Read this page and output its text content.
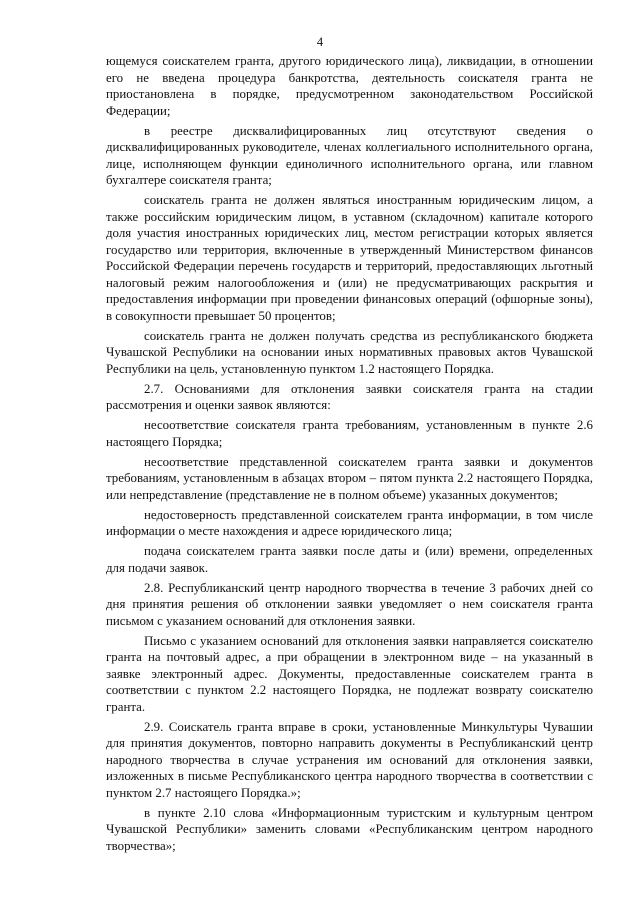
4

ющемуся соискателем гранта, другого юридического лица), ликвидации, в отношении его не введена процедура банкротства, деятельность соискателя гранта не приостановлена в порядке, предусмотренном законодательством Российской Федерации;

в реестре дисквалифицированных лиц отсутствуют сведения о дисквалифицированных руководителе, членах коллегиального исполнительного органа, лице, исполняющем функции единоличного исполнительного органа, или главном бухгалтере соискателя гранта;

соискатель гранта не должен являться иностранным юридическим лицом, а также российским юридическим лицом, в уставном (складочном) капитале которого доля участия иностранных юридических лиц, местом регистрации которых является государство или территория, включенные в утвержденный Министерством финансов Российской Федерации перечень государств и территорий, предоставляющих льготный налоговый режим налогообложения и (или) не предусматривающих раскрытия и предоставления информации при проведении финансовых операций (офшорные зоны), в совокупности превышает 50 процентов;

соискатель гранта не должен получать средства из республиканского бюджета Чувашской Республики на основании иных нормативных правовых актов Чувашской Республики на цель, установленную пунктом 1.2 настоящего Порядка.

2.7. Основаниями для отклонения заявки соискателя гранта на стадии рассмотрения и оценки заявок являются:

несоответствие соискателя гранта требованиям, установленным в пункте 2.6 настоящего Порядка;

несоответствие представленной соискателем гранта заявки и документов требованиям, установленным в абзацах втором – пятом пункта 2.2 настоящего Порядка, или непредставление (представление не в полном объеме) указанных документов;

недостоверность представленной соискателем гранта информации, в том числе информации о месте нахождения и адресе юридического лица;

подача соискателем гранта заявки после даты и (или) времени, определенных для подачи заявок.

2.8. Республиканский центр народного творчества в течение 3 рабочих дней со дня принятия решения об отклонении заявки уведомляет о нем соискателя гранта письмом с указанием оснований для отклонения заявки.

Письмо с указанием оснований для отклонения заявки направляется соискателю гранта на почтовый адрес, а при обращении в электронном виде – на указанный в заявке электронный адрес. Документы, предоставленные соискателем гранта в соответствии с пунктом 2.2 настоящего Порядка, не подлежат возврату соискателю гранта.

2.9. Соискатель гранта вправе в сроки, установленные Минкультуры Чувашии для принятия документов, повторно направить документы в Республиканский центр народного творчества в случае устранения им оснований для отклонения заявки, изложенных в письме Республиканского центра народного творчества в соответствии с пунктом 2.7 настоящего Порядка.»;

в пункте 2.10 слова «Информационным туристским и культурным центром Чувашской Республики» заменить словами «Республиканским центром народного творчества»;
